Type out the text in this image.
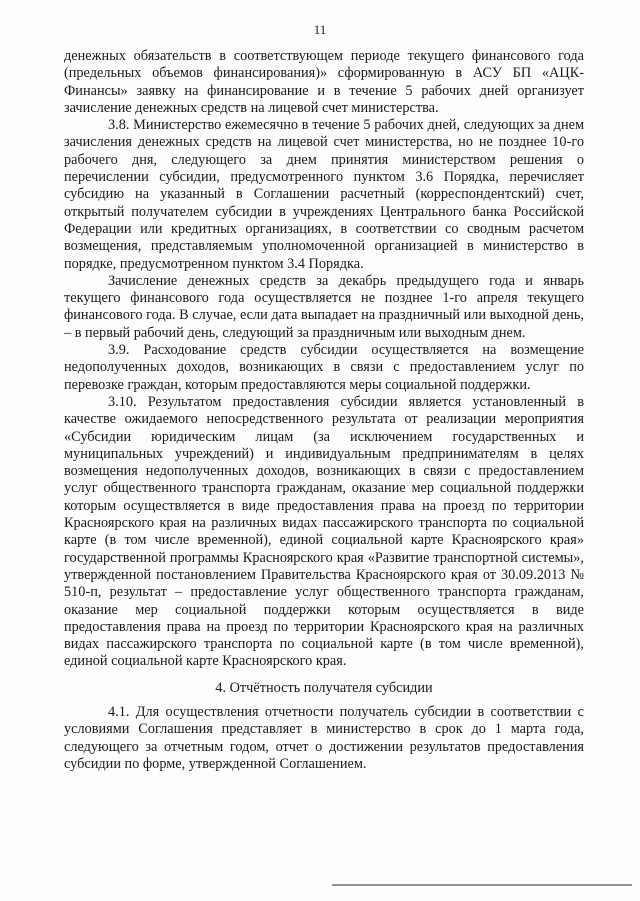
11

денежных обязательств в соответствующем периоде текущего финансового года (предельных объемов финансирования)» сформированную в АСУ БП «АЦК-Финансы» заявку на финансирование и в течение 5 рабочих дней организует зачисление денежных средств на лицевой счет министерства.

3.8. Министерство ежемесячно в течение 5 рабочих дней, следующих за днем зачисления денежных средств на лицевой счет министерства, но не позднее 10-го рабочего дня, следующего за днем принятия министерством решения о перечислении субсидии, предусмотренного пунктом 3.6 Порядка, перечисляет субсидию на указанный в Соглашении расчетный (корреспондентский) счет, открытый получателем субсидии в учреждениях Центрального банка Российской Федерации или кредитных организациях, в соответствии со сводным расчетом возмещения, представляемым уполномоченной организацией в министерство в порядке, предусмотренном пунктом 3.4 Порядка.

Зачисление денежных средств за декабрь предыдущего года и январь текущего финансового года осуществляется не позднее 1-го апреля текущего финансового года. В случае, если дата выпадает на праздничный или выходной день, – в первый рабочий день, следующий за праздничным или выходным днем.

3.9. Расходование средств субсидии осуществляется на возмещение недополученных доходов, возникающих в связи с предоставлением услуг по перевозке граждан, которым предоставляются меры социальной поддержки.

3.10. Результатом предоставления субсидии является установленный в качестве ожидаемого непосредственного результата от реализации мероприятия «Субсидии юридическим лицам (за исключением государственных и муниципальных учреждений) и индивидуальным предпринимателям в целях возмещения недополученных доходов, возникающих в связи с предоставлением услуг общественного транспорта гражданам, оказание мер социальной поддержки которым осуществляется в виде предоставления права на проезд по территории Красноярского края на различных видах пассажирского транспорта по социальной карте (в том числе временной), единой социальной карте Красноярского края» государственной программы Красноярского края «Развитие транспортной системы», утвержденной постановлением Правительства Красноярского края от 30.09.2013 № 510-п, результат – предоставление услуг общественного транспорта гражданам, оказание мер социальной поддержки которым осуществляется в виде предоставления права на проезд по территории Красноярского края на различных видах пассажирского транспорта по социальной карте (в том числе временной), единой социальной карте Красноярского края.

4. Отчётность получателя субсидии

4.1. Для осуществления отчетности получатель субсидии в соответствии с условиями Соглашения представляет в министерство в срок до 1 марта года, следующего за отчетным годом, отчет о достижении результатов предоставления субсидии по форме, утвержденной Соглашением.
